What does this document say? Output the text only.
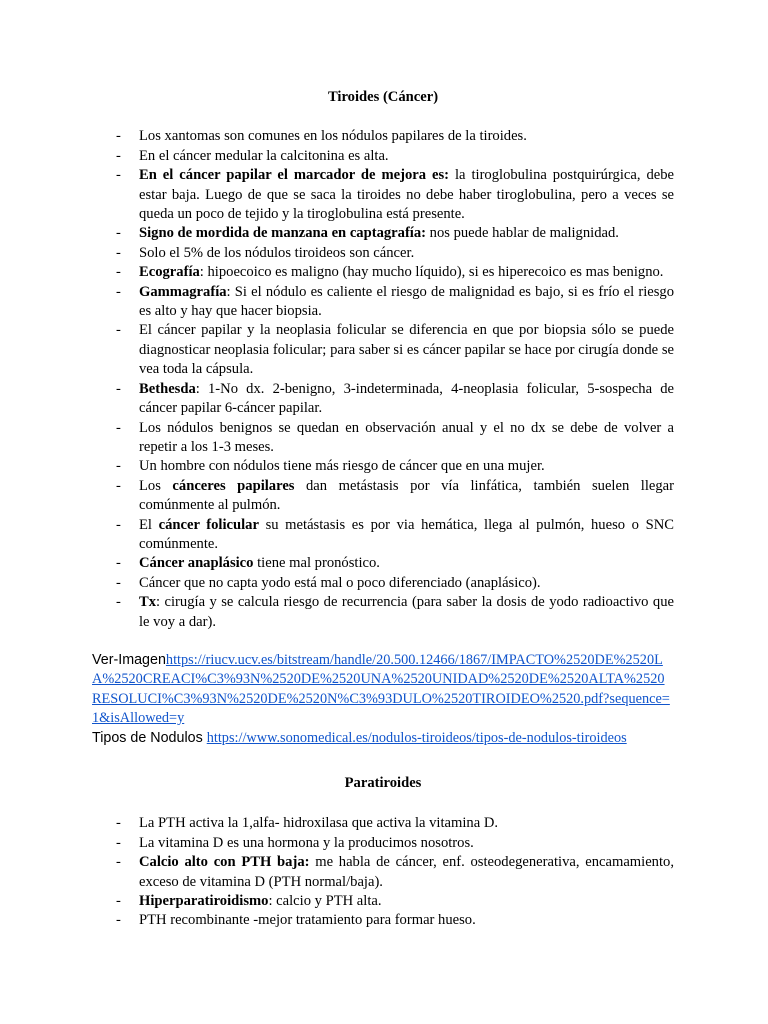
Tiroides (Cáncer)
- Los xantomas son comunes en los nódulos papilares de la tiroides.
- En el cáncer medular la calcitonina es alta.
- En el cáncer papilar el marcador de mejora es: la tiroglobulina postquirúrgica, debe estar baja. Luego de que se saca la tiroides no debe haber tiroglobulina, pero a veces se queda un poco de tejido y la tiroglobulina está presente.
- Signo de mordida de manzana en captagrafía: nos puede hablar de malignidad.
- Solo el 5% de los nódulos tiroideos son cáncer.
- Ecografía: hipoecoico es maligno (hay mucho líquido), si es hiperecoico es mas benigno.
- Gammagrafía: Si el nódulo es caliente el riesgo de malignidad es bajo, si es frío el riesgo es alto y hay que hacer biopsia.
- El cáncer papilar y la neoplasia folicular se diferencia en que por biopsia sólo se puede diagnosticar neoplasia folicular; para saber si es cáncer papilar se hace por cirugía donde se vea toda la cápsula.
- Bethesda: 1-No dx. 2-benigno, 3-indeterminada, 4-neoplasia folicular, 5-sospecha de cáncer papilar 6-cáncer papilar.
- Los nódulos benignos se quedan en observación anual y el no dx se debe de volver a repetir a los 1-3 meses.
- Un hombre con nódulos tiene más riesgo de cáncer que en una mujer.
- Los cánceres papilares dan metástasis por vía linfática, también suelen llegar comúnmente al pulmón.
- El cáncer folicular su metástasis es por via hemática, llega al pulmón, hueso o SNC comúnmente.
- Cáncer anaplásico tiene mal pronóstico.
- Cáncer que no capta yodo está mal o poco diferenciado (anaplásico).
- Tx: cirugía y se calcula riesgo de recurrencia (para saber la dosis de yodo radioactivo que le voy a dar).
Ver-Imagenhttps://riucv.ucv.es/bitstream/handle/20.500.12466/1867/IMPACTO%2520DE%2520LA%2520CREACI%C3%93N%2520DE%2520UNA%2520UNIDAD%2520DE%2520ALTA%2520RESOLUCI%C3%93N%2520DE%2520N%C3%93DULO%2520TIROIDEO%2520.pdf?sequence=1&isAllowed=y
Tipos de Nodulos https://www.sonomedical.es/nodulos-tiroideos/tipos-de-nodulos-tiroideos
Paratiroides
- La PTH activa la 1,alfa- hidroxilasa que activa la vitamina D.
- La vitamina D es una hormona y la producimos nosotros.
- Calcio alto con PTH baja: me habla de cáncer, enf. osteodegenerativa, encamamiento, exceso de vitamina D (PTH normal/baja).
- Hiperparatiroidismo: calcio y PTH alta.
- PTH recombinante -mejor tratamiento para formar hueso.
